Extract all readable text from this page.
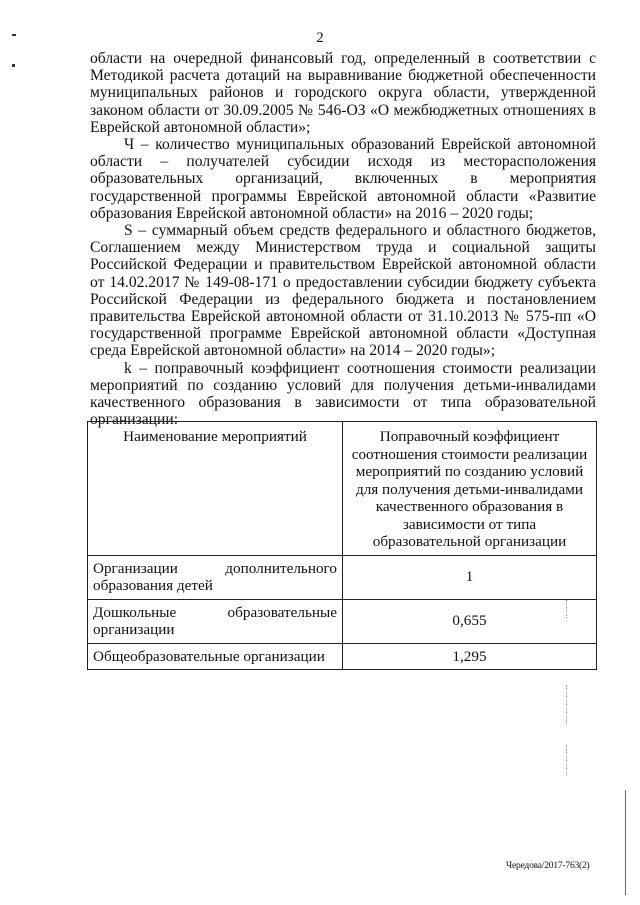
2

области на очередной финансовый год, определенный в соответствии с Методикой расчета дотаций на выравнивание бюджетной обеспеченности муниципальных районов и городского округа области, утвержденной законом области от 30.09.2005 № 546-ОЗ «О межбюджетных отношениях в Еврейской автономной области»;

Ч – количество муниципальных образований Еврейской автономной области – получателей субсидии исходя из месторасположения образовательных организаций, включенных в мероприятия государственной программы Еврейской автономной области «Развитие образования Еврейской автономной области» на 2016 – 2020 годы;

S – суммарный объем средств федерального и областного бюджетов, Соглашением между Министерством труда и социальной защиты Российской Федерации и правительством Еврейской автономной области от 14.02.2017 № 149-08-171 о предоставлении субсидии бюджету субъекта Российской Федерации из федерального бюджета и постановлением правительства Еврейской автономной области от 31.10.2013 № 575-пп «О государственной программе Еврейской автономной области «Доступная среда Еврейской автономной области» на 2014 – 2020 годы»;

k – поправочный коэффициент соотношения стоимости реализации мероприятий по созданию условий для получения детьми-инвалидами качественного образования в зависимости от типа образовательной организации:

Наименование мероприятий	Поправочный коэффициент соотношения стоимости реализации мероприятий по созданию условий для получения детьми-инвалидами качественного образования в зависимости от типа образовательной организации
Организации дополнительного образования детей	1
Дошкольные образовательные организации	0,655
Общеобразовательные организации	1,295
Чередова/2017-763(2)
